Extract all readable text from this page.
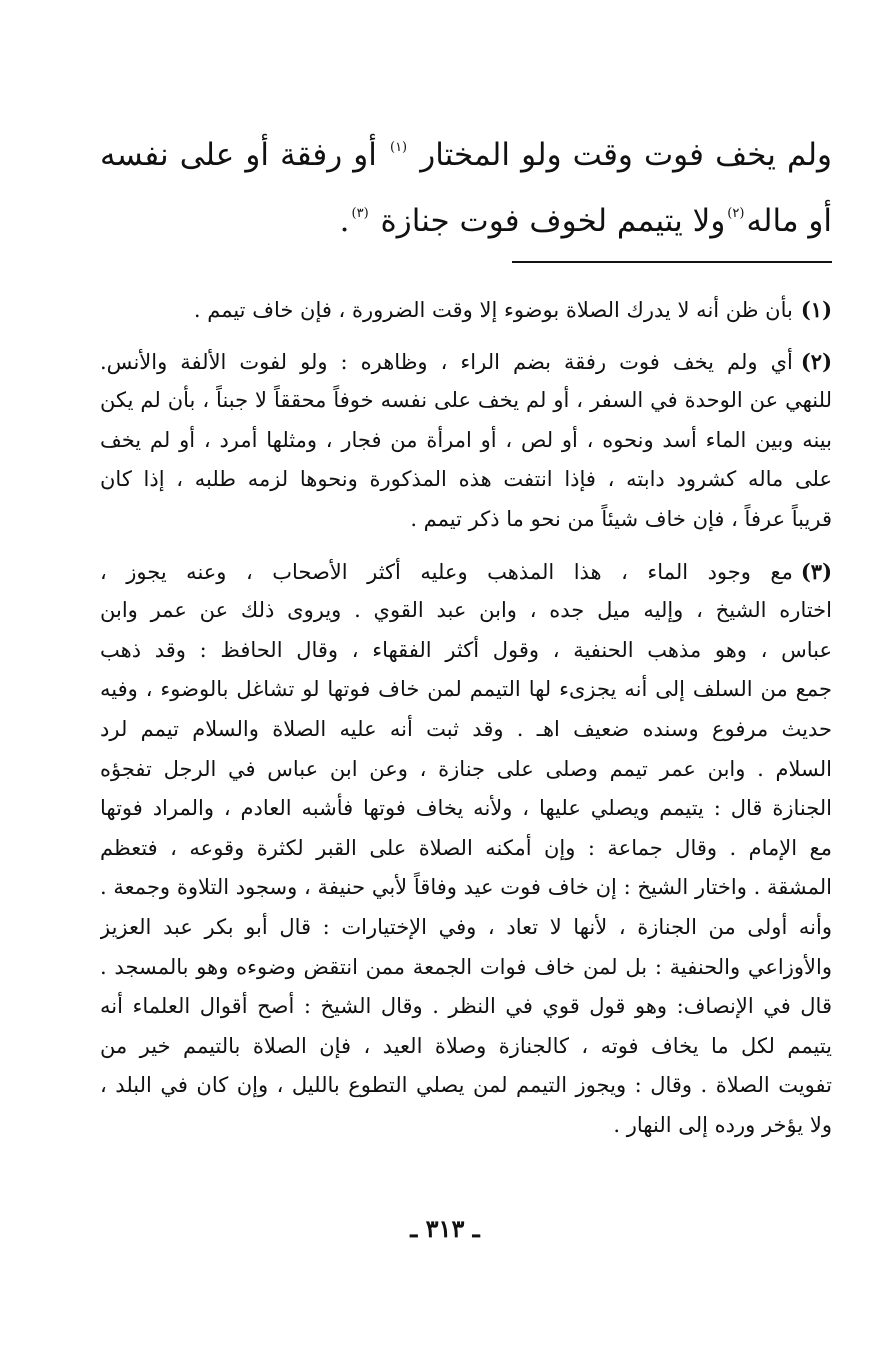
ولم يخف فوت وقت ولو المختار $^{(١)}$ أو رفقة أو على نفسه
أو ماله$^{(٢)}$ولا يتيمم لخوف فوت جنازة $^{(٣)}$.
(١)بأن ظن أنه لا يدرك الصلاة بوضوء إلا وقت الضرورة ، فإن خاف تيمم .
(٢)أي ولم يخف فوت رفقة بضم الراء ، وظاهره : ولو لفوت الألفة والأنس.
للنهي عن الوحدة في السفر ، أو لم يخف على نفسه خوفاً محققاً لا جبناً ، بأن لم يكن
بينه وبين الماء أسد ونحوه ، أو لص ، أو امرأة من فجار ، ومثلها أمرد ، أو لم يخف
على ماله كشرود دابته ، فإذا انتفت هذه المذكورة ونحوها لزمه طلبه ، إذا كان
قريباً عرفاً ، فإن خاف شيئاً من نحو ما ذكر تيمم .
(٣)مع وجود الماء ، هذا المذهب وعليه أكثر الأصحاب ، وعنه يجوز ،
اختاره الشيخ ، وإليه ميل جده ، وابن عبد القوي . ويروى ذلك عن عمر وابن
عباس ، وهو مذهب الحنفية ، وقول أكثر الفقهاء ، وقال الحافظ : وقد ذهب
جمع من السلف إلى أنه يجزىء لها التيمم لمن خاف فوتها لو تشاغل بالوضوء ، وفيه
حديث مرفوع وسنده ضعيف اهـ . وقد ثبت أنه عليه الصلاة والسلام تيمم لرد
السلام . وابن عمر تيمم وصلى على جنازة ، وعن ابن عباس في الرجل تفجؤه
الجنازة قال : يتيمم ويصلي عليها ، ولأنه يخاف فوتها فأشبه العادم ، والمراد فوتها
مع الإمام . وقال جماعة : وإن أمكنه الصلاة على القبر لكثرة وقوعه ، فتعظم
المشقة . واختار الشيخ : إن خاف فوت عيد وفاقاً لأبي حنيفة ، وسجود التلاوة وجمعة .
وأنه أولى من الجنازة ، لأنها لا تعاد ، وفي الإختيارات : قال أبو بكر عبد العزيز
والأوزاعي والحنفية : بل لمن خاف فوات الجمعة ممن انتقض وضوءه وهو بالمسجد .
قال في الإنصاف: وهو قول قوي في النظر . وقال الشيخ : أصح أقوال العلماء أنه
يتيمم لكل ما يخاف فوته ، كالجنازة وصلاة العيد ، فإن الصلاة بالتيمم خير من
تفويت الصلاة . وقال : ويجوز التيمم لمن يصلي التطوع بالليل ، وإن كان في البلد ،
ولا يؤخر ورده إلى النهار .
ـ ٣١٣ ـ
